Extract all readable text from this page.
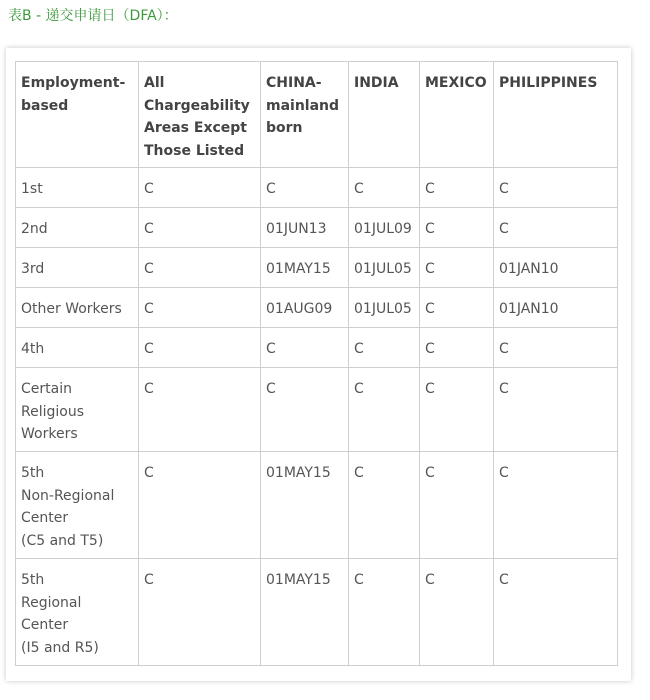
表B - 递交申请日（DFA）：
Employment-
based	All
Chargeability
Areas Except
Those Listed	CHINA-
mainland
born	INDIA	MEXICO	PHILIPPINES
1st	C	C	C	C	C
2nd	C	01JUN13	01JUL09	C	C
3rd	C	01MAY15	01JUL05	C	01JAN10
Other Workers	C	01AUG09	01JUL05	C	01JAN10
4th	C	C	C	C	C
Certain
Religious
Workers	C	C	C	C	C
5th
Non-Regional
Center
(C5 and T5)	C	01MAY15	C	C	C
5th
Regional
Center
(I5 and R5)	C	01MAY15	C	C	C
